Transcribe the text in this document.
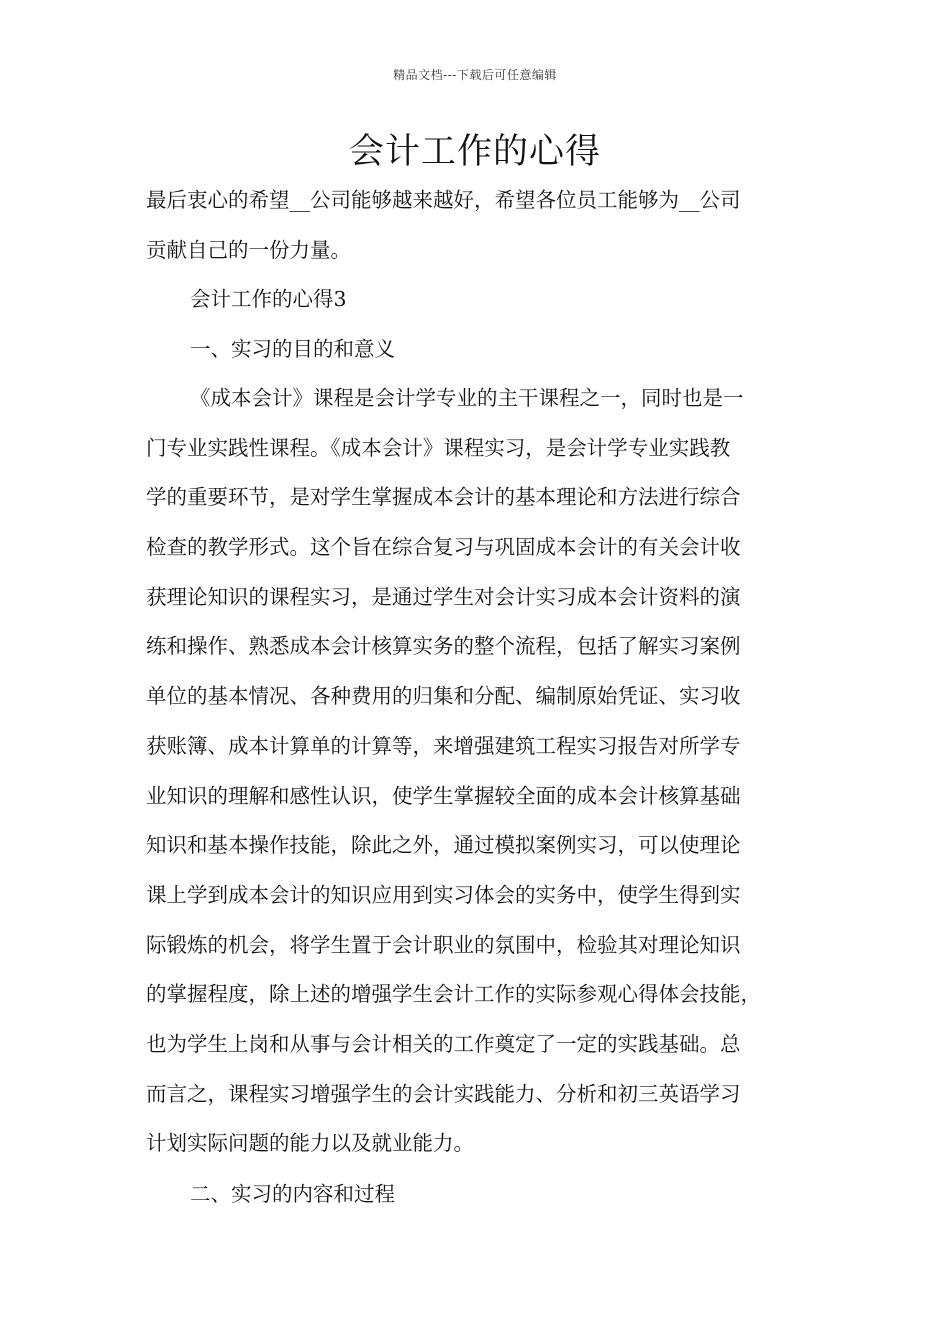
精品文档---下载后可任意编辑
会计工作的心得
最后衷心的希望__公司能够越来越好，希望各位员工能够为__公司
贡献自己的一份力量。
会计工作的心得3
一、实习的目的和意义
《成本会计》课程是会计学专业的主干课程之一，同时也是一
门专业实践性课程。《成本会计》课程实习，是会计学专业实践教
学的重要环节，是对学生掌握成本会计的基本理论和方法进行综合
检查的教学形式。这个旨在综合复习与巩固成本会计的有关会计收
获理论知识的课程实习，是通过学生对会计实习成本会计资料的演
练和操作、熟悉成本会计核算实务的整个流程，包括了解实习案例
单位的基本情况、各种费用的归集和分配、编制原始凭证、实习收
获账簿、成本计算单的计算等，来增强建筑工程实习报告对所学专
业知识的理解和感性认识，使学生掌握较全面的成本会计核算基础
知识和基本操作技能，除此之外，通过模拟案例实习，可以使理论
课上学到成本会计的知识应用到实习体会的实务中，使学生得到实
际锻炼的机会，将学生置于会计职业的氛围中，检验其对理论知识
的掌握程度，除上述的增强学生会计工作的实际参观心得体会技能，
也为学生上岗和从事与会计相关的工作奠定了一定的实践基础。总
而言之，课程实习增强学生的会计实践能力、分析和初三英语学习
计划实际问题的能力以及就业能力。
二、实习的内容和过程
